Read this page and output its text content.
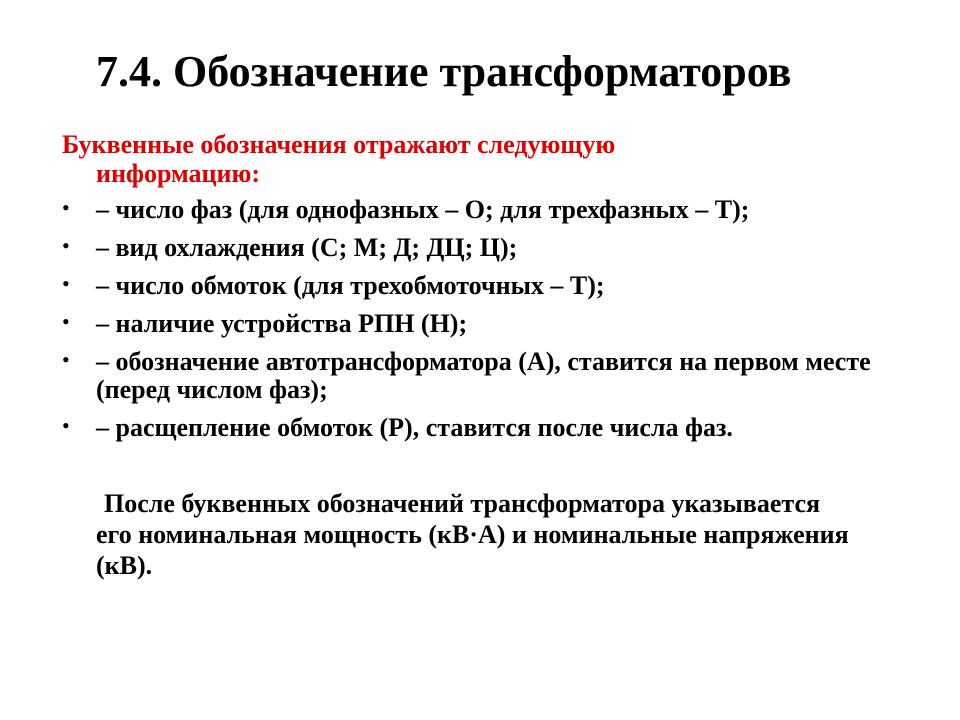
7.4. Обозначение трансформаторов

Буквенные обозначения отражают следующую
информацию:

• – число фаз (для однофазных – О; для трехфазных – Т);
• – вид охлаждения (С; М; Д; ДЦ; Ц);
• – число обмоток (для трехобмоточных – Т);
• – наличие устройства РПН (Н);
• – обозначение автотрансформатора (А), ставится на первом месте (перед числом фаз);
• – расщепление обмоток (Р), ставится после числа фаз.

После буквенных обозначений трансформатора указывается его номинальная мощность (кВ·А) и номинальные напряжения (кВ).
